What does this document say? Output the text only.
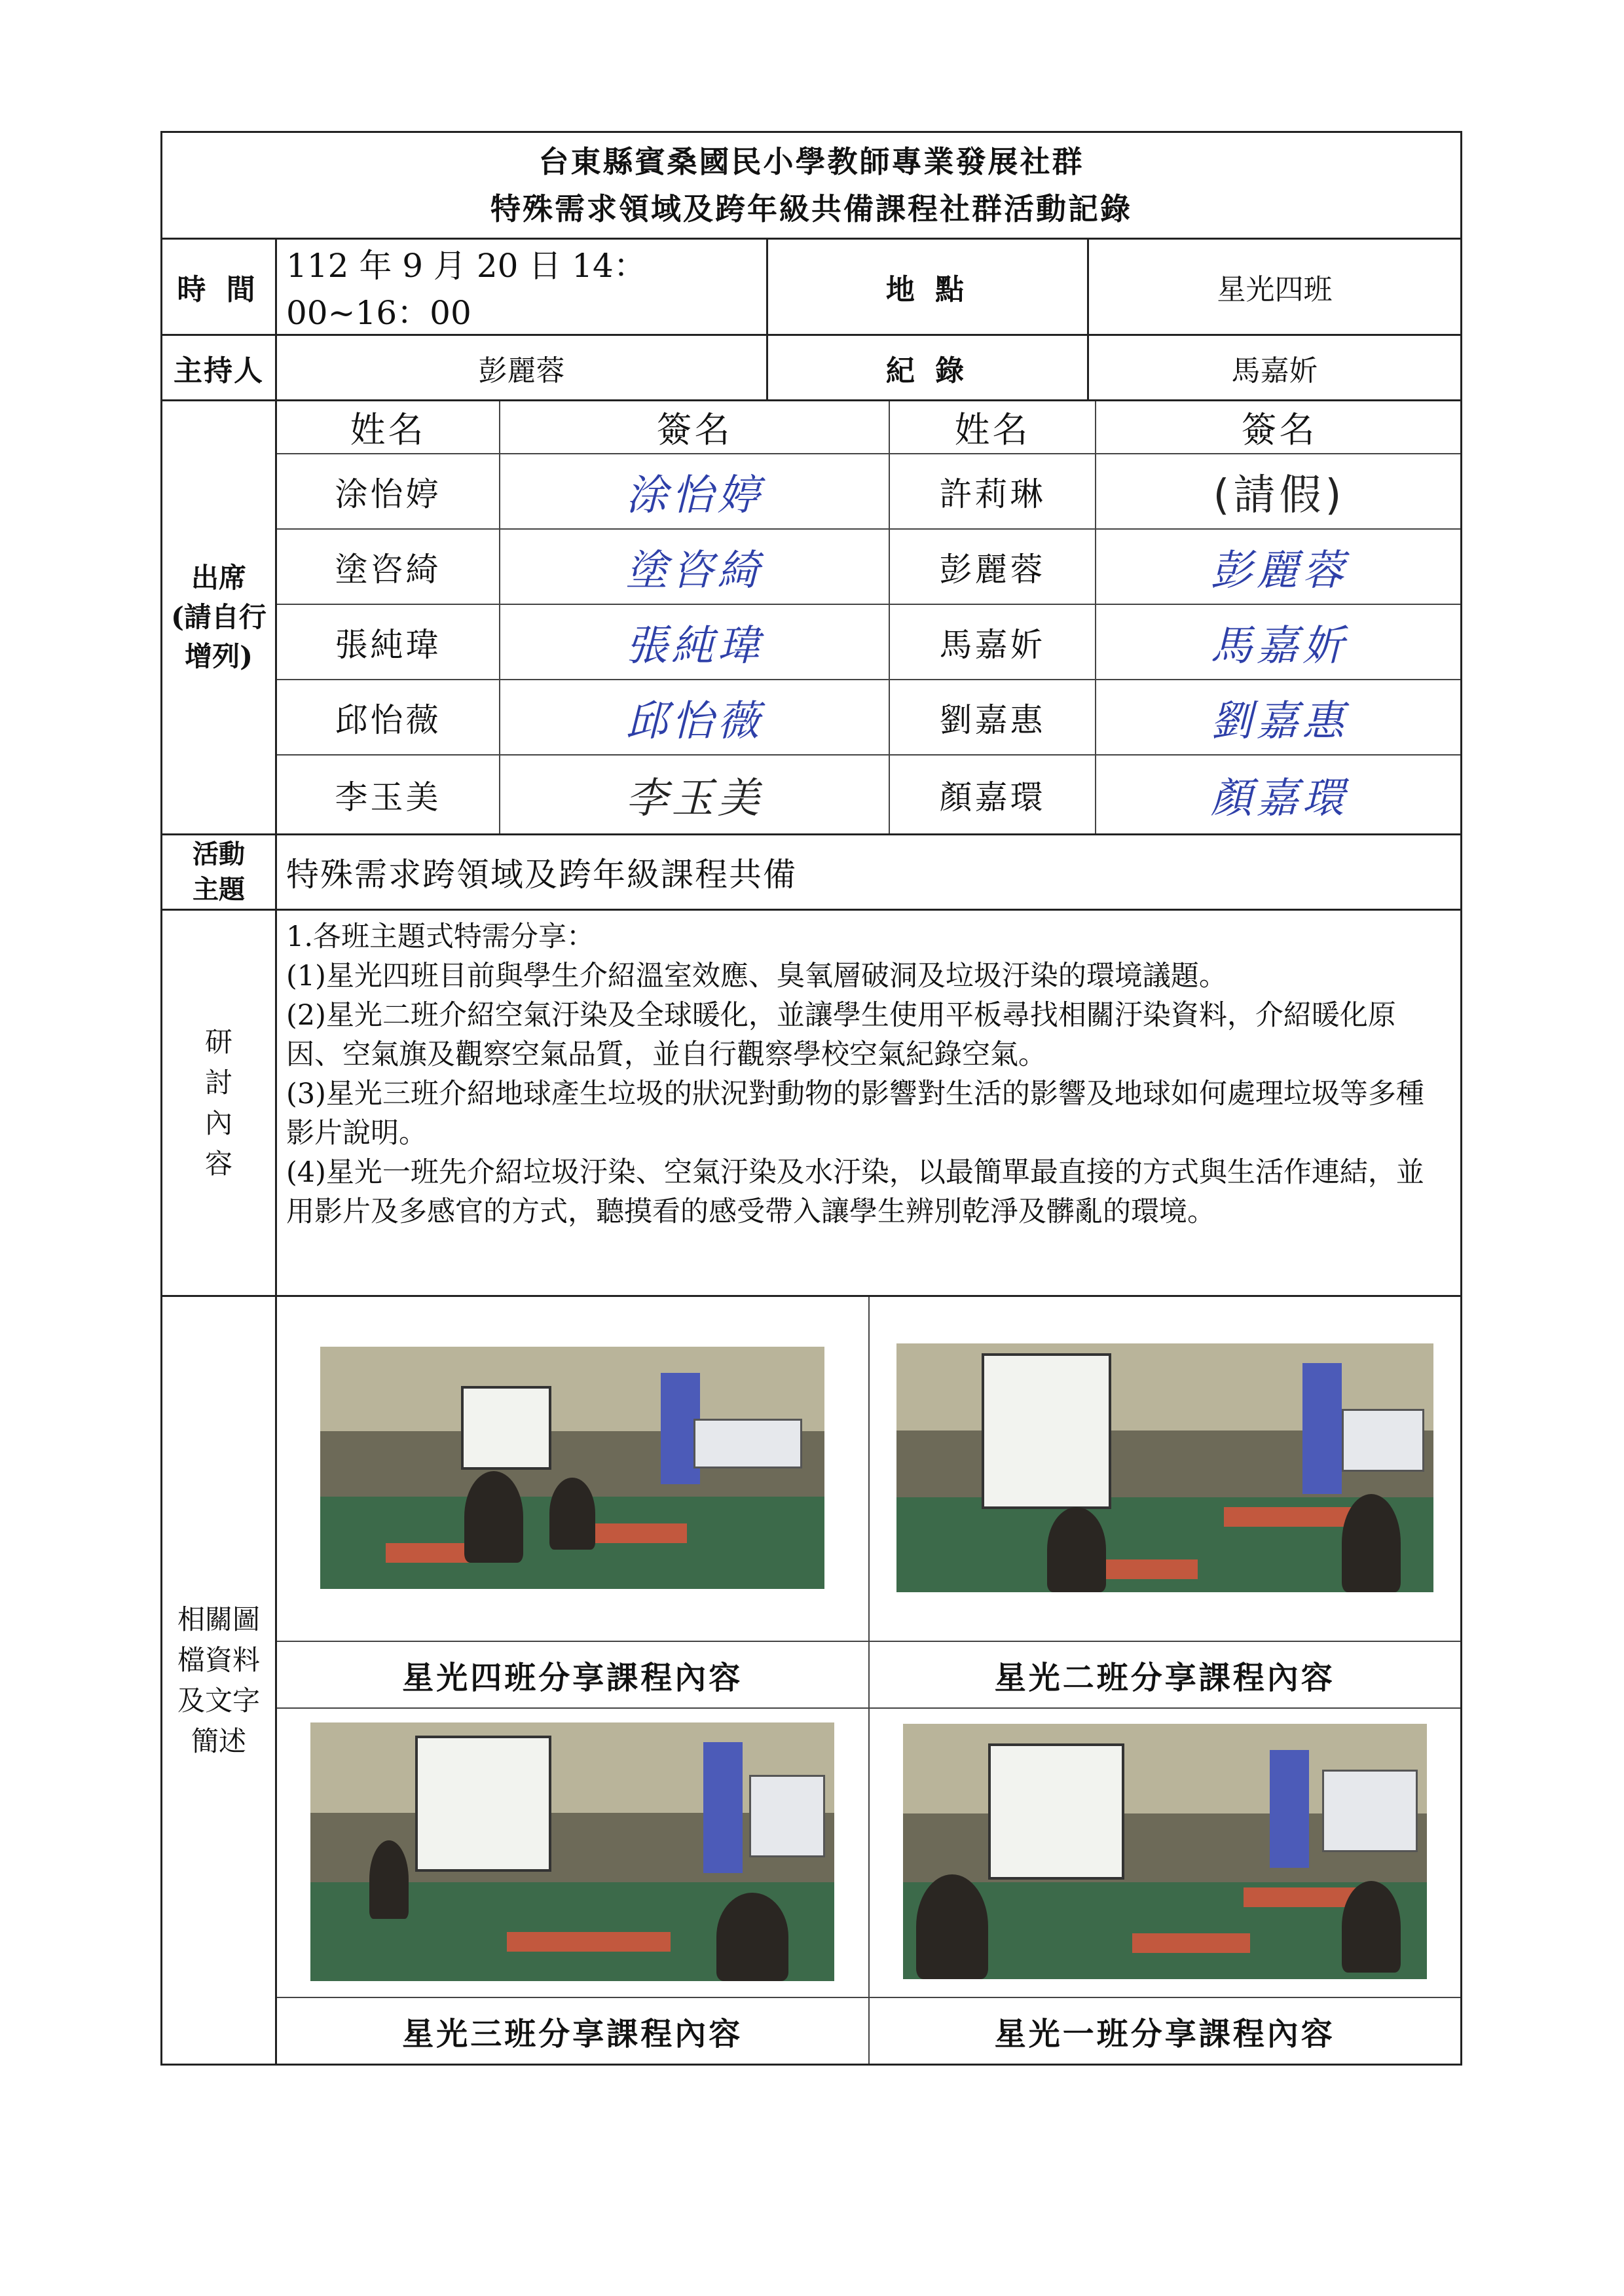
台東縣賓桑國民小學教師專業發展社群
特殊需求領域及跨年級共備課程社群活動記錄

時 間	112 年 9 月 20 日 14：00~16：00	地 點	星光四班
主持人	彭麗蓉	紀 錄	馬嘉妡

出席
(請自行
增列)

姓名	簽名	姓名	簽名
涂怡婷	涂怡婷	許莉琳	(請假)
塗咨綺	塗咨綺	彭麗蓉	彭麗蓉
張純瑋	張純瑋	馬嘉妡	馬嘉妡
邱怡薇	邱怡薇	劉嘉惠	劉嘉惠
李玉美	李玉美	顏嘉環	顏嘉環

活動
主題	特殊需求跨領域及跨年級課程共備

研
討
內
容

1.各班主題式特需分享：

(1)星光四班目前與學生介紹溫室效應、臭氧層破洞及垃圾汙染的環境議題。

(2)星光二班介紹空氣汙染及全球暖化，並讓學生使用平板尋找相關汙染資料，介紹暖化原因、空氣旗及觀察空氣品質，並自行觀察學校空氣紀錄空氣。

(3)星光三班介紹地球產生垃圾的狀況對動物的影響對生活的影響及地球如何處理垃圾等多種影片說明。

(4)星光一班先介紹垃圾汙染、空氣汙染及水汙染，以最簡單最直接的方式與生活作連結，並用影片及多感官的方式，聽摸看的感受帶入讓學生辨別乾淨及髒亂的環境。

相關圖
檔資料
及文字
簡述

星光四班分享課程內容	星光二班分享課程內容

星光三班分享課程內容	星光一班分享課程內容
